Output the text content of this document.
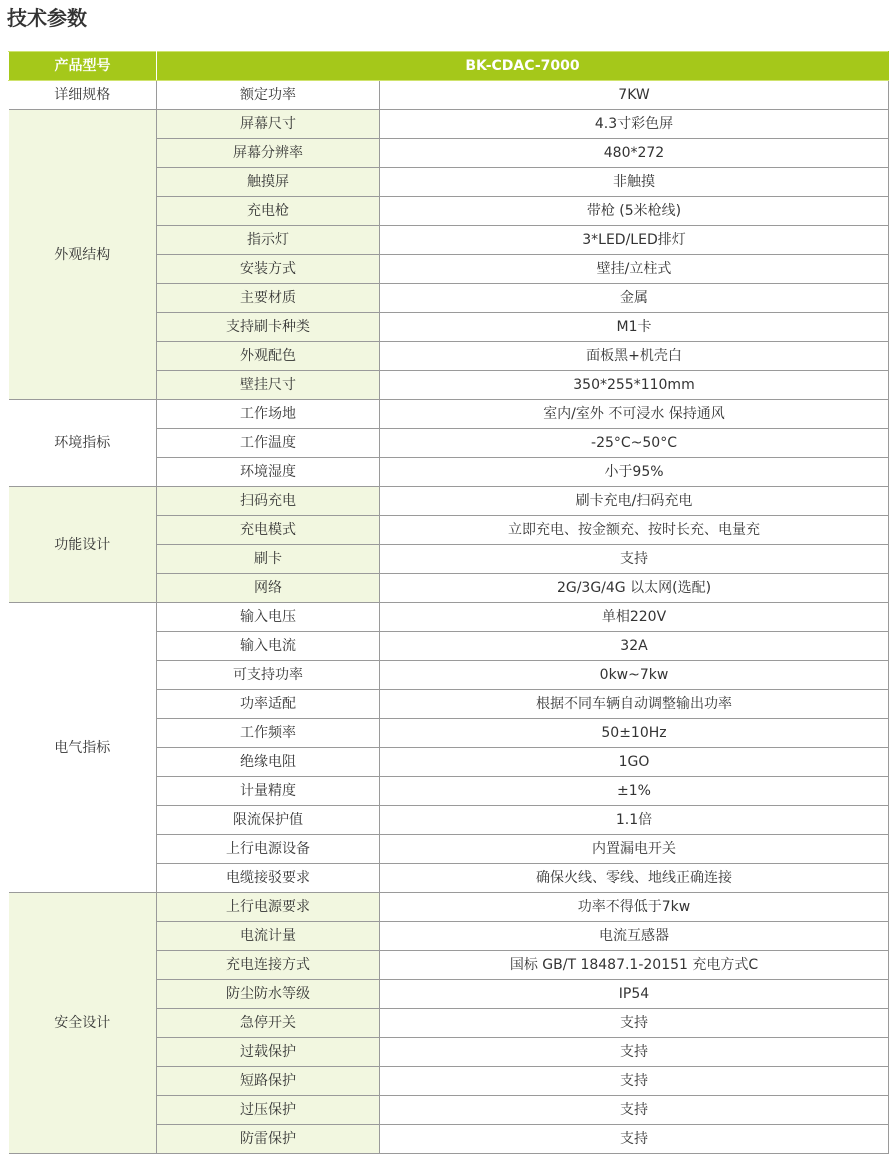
技术参数
产品型号	BK-CDAC-7000	
详细规格	额定功率	7KW
外观结构	屏幕尺寸	4.3寸彩色屏
	屏幕分辨率	480*272
	触摸屏	非触摸
	充电枪	带枪 (5米枪线)
	指示灯	3*LED/LED排灯
	安装方式	壁挂/立柱式
	主要材质	金属
	支持刷卡种类	M1卡
	外观配色	面板黑+机壳白
	壁挂尺寸	350*255*110mm
环境指标	工作场地	室内/室外 不可浸水 保持通风
	工作温度	-25°C~50°C
	环境湿度	小于95%
功能设计	扫码充电	刷卡充电/扫码充电
	充电模式	立即充电、按金额充、按时长充、电量充
	刷卡	支持
	网络	2G/3G/4G 以太网(选配)
电气指标	输入电压	单相220V
	输入电流	32A
	可支持功率	0kw~7kw
	功率适配	根据不同车辆自动调整输出功率
	工作频率	50±10Hz
	绝缘电阻	1GO
	计量精度	±1%
	限流保护值	1.1倍
	上行电源设备	内置漏电开关
	电缆接驳要求	确保火线、零线、地线正确连接
安全设计	上行电源要求	功率不得低于7kw
	电流计量	电流互感器
	充电连接方式	国标 GB/T 18487.1-20151 充电方式C
	防尘防水等级	IP54
	急停开关	支持
	过载保护	支持
	短路保护	支持
	过压保护	支持
	防雷保护	支持
